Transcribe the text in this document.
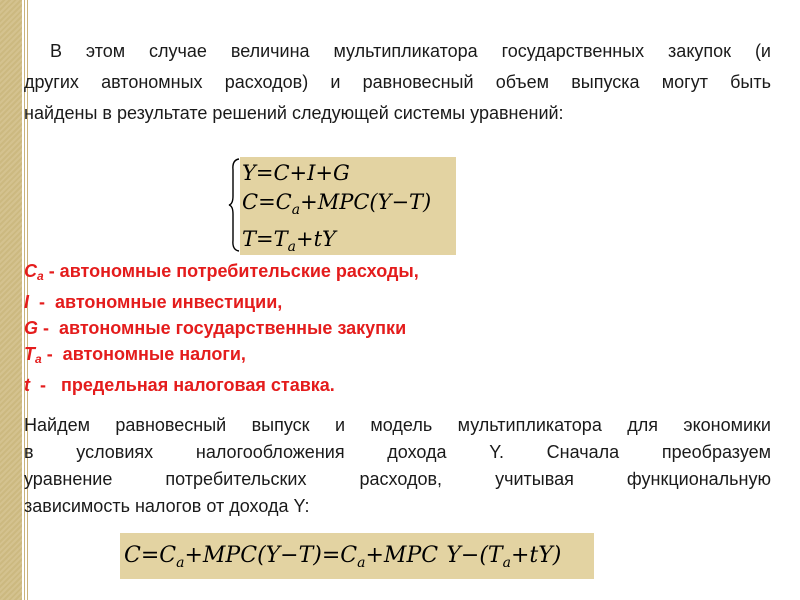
В этом случае величина мультипликатора государственных закупок (и
других автономных расходов) и равновесный объем выпуска могут быть
найдены в результате решений следующей системы уравнений:
Y=C+I+G
$C=C_a+MPC(Y-T)$
$T=T_a+tY$
Ca - автономные потребительские расходы,
I  -  автономные инвестиции,
G -  автономные государственные закупки
Ta -  автономные налоги,
t  -   предельная налоговая ставка.
Найдем равновесный выпуск и модель мультипликатора для экономики
в условиях налогообложения дохода Y. Сначала преобразуем
уравнение потребительских расходов, учитывая функциональную
зависимость налогов от дохода Y:
$C=C_a+MPC(Y-T)=C_a+MPC$ $Y-(T_a+tY)$
